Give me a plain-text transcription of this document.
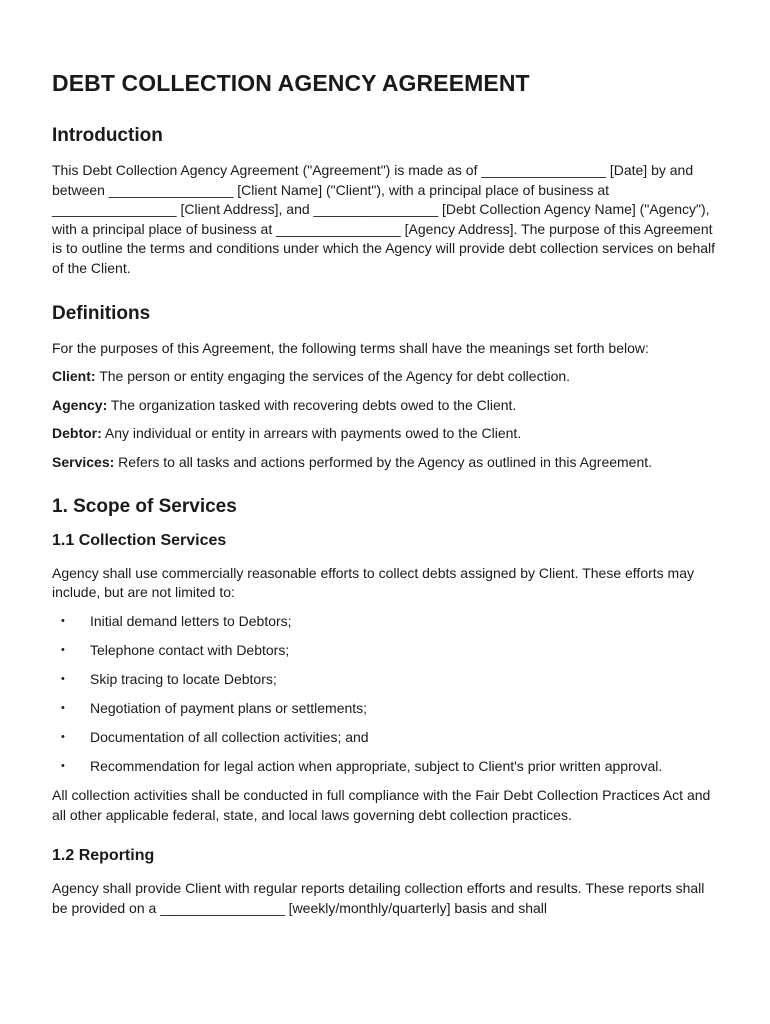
DEBT COLLECTION AGENCY AGREEMENT
Introduction

This Debt Collection Agency Agreement ("Agreement") is made as of ________________ [Date] by and between ________________ [Client Name] ("Client"), with a principal place of business at ________________ [Client Address], and ________________ [Debt Collection Agency Name] ("Agency"), with a principal place of business at ________________ [Agency Address]. The purpose of this Agreement is to outline the terms and conditions under which the Agency will provide debt collection services on behalf of the Client.

Definitions

For the purposes of this Agreement, the following terms shall have the meanings set forth below:

Client: The person or entity engaging the services of the Agency for debt collection.

Agency: The organization tasked with recovering debts owed to the Client.

Debtor: Any individual or entity in arrears with payments owed to the Client.

Services: Refers to all tasks and actions performed by the Agency as outlined in this Agreement.

1. Scope of Services
1.1 Collection Services

Agency shall use commercially reasonable efforts to collect debts assigned by Client. These efforts may include, but are not limited to:

• Initial demand letters to Debtors;
• Telephone contact with Debtors;
• Skip tracing to locate Debtors;
• Negotiation of payment plans or settlements;
• Documentation of all collection activities; and
• Recommendation for legal action when appropriate, subject to Client's prior written approval.

All collection activities shall be conducted in full compliance with the Fair Debt Collection Practices Act and all other applicable federal, state, and local laws governing debt collection practices.

1.2 Reporting

Agency shall provide Client with regular reports detailing collection efforts and results. These reports shall be provided on a ________________ [weekly/monthly/quarterly] basis and shall
